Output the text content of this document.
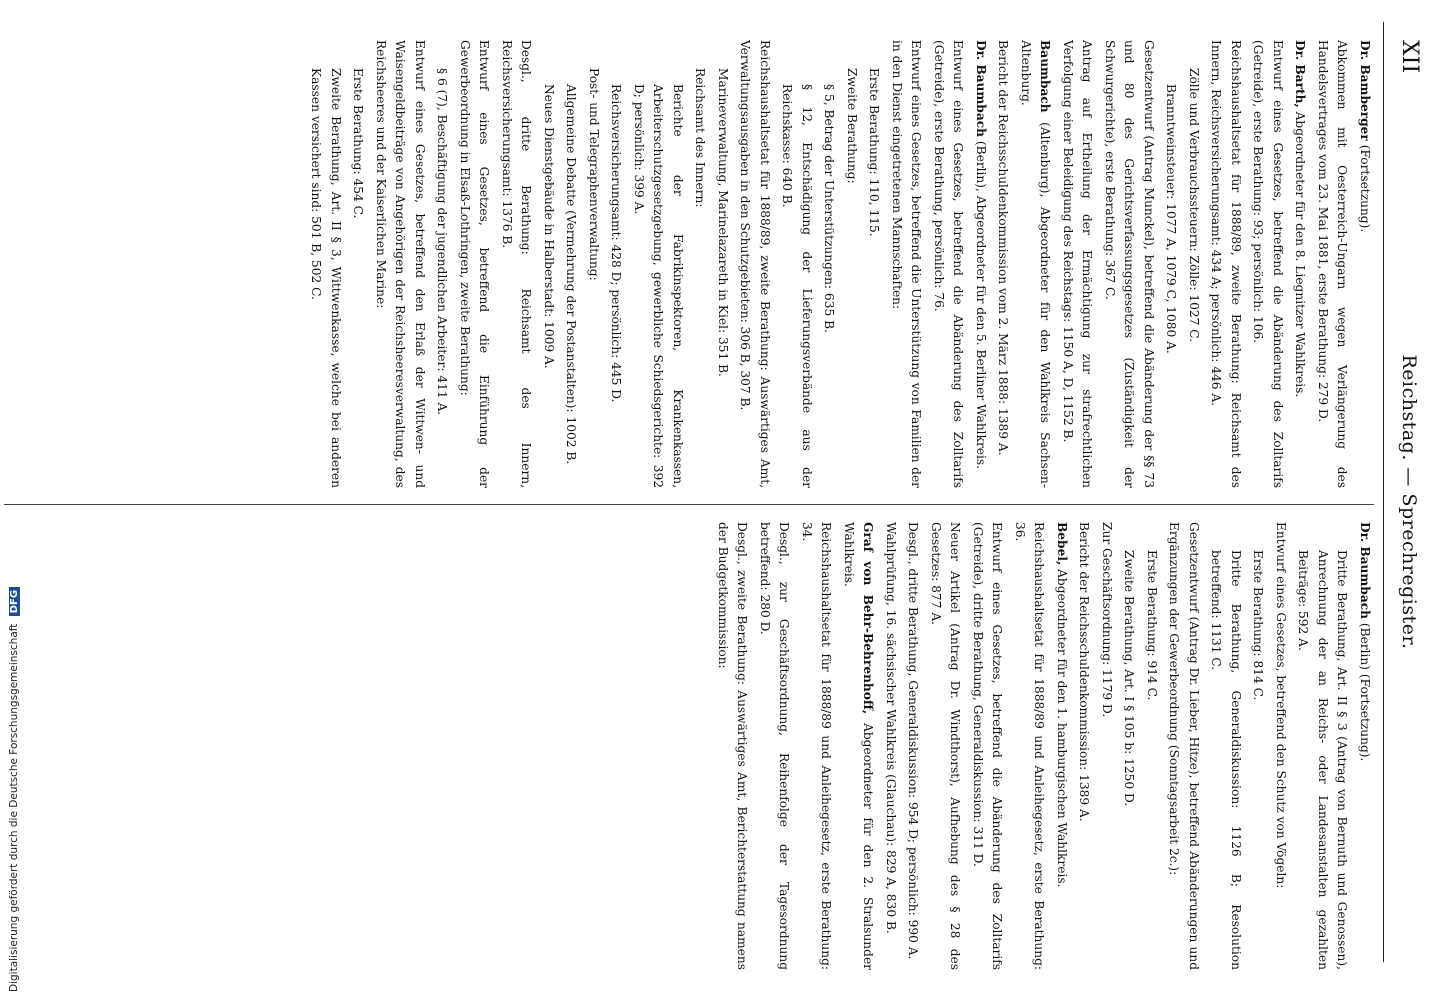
XII
Reichstag. — Sprechregister.
Dr. Bamberger (Fortsetzung).
Abkommen mit Oesterreich-Ungarn wegen Verlängerung des Handelsvertrages vom 23. Mai 1881, erste Berathung: 279 D.
Dr. Barth, Abgeordneter für den 8. Liegnitzer Wahlkreis.
Entwurf eines Gesetzes, betreffend die Abänderung des Zolltarifs (Getreide), erste Berathung: 93; persönlich: 106.
Reichshaushaltsetat für 1888/89, zweite Berathung: Reichsamt des Innern, Reichsversicherungsamt: 434 A; persönlich: 446 A.
Zölle und Verbrauchssteuern: Zölle: 1027 C.
Branntweinsteuer: 1077 A, 1079 C, 1080 A.
Gesetzentwurf (Antrag Munckel), betreffend die Abänderung der §§ 73 und 80 des Gerichtsverfassungsgesetzes (Zuständigkeit der Schwurgerichte), erste Berathung: 367 C.
Antrag auf Ertheilung der Ermächtigung zur strafrechtlichen Verfolgung einer Beleidigung des Reichstags: 1150 A, D, 1152 B.
Baumbach (Altenburg), Abgeordneter für den Wahlkreis Sachsen-Altenburg.
Bericht der Reichsschuldenkommission vom 2. März 1888: 1389 A.
Dr. Baumbach (Berlin), Abgeordneter für den 5. Berliner Wahlkreis.
Entwurf eines Gesetzes, betreffend die Abänderung des Zolltarifs (Getreide), erste Berathung, persönlich: 76.
Entwurf eines Gesetzes, betreffend die Unterstützung von Familien der in den Dienst eingetretenen Mannschaften:
Erste Berathung: 110, 115.
Zweite Berathung:
§ 5, Betrag der Unterstützungen: 635 B.
§ 12, Entschädigung der Lieferungsverbände aus der Reichskasse: 640 B.
Reichshaushaltsetat für 1888/89, zweite Berathung: Auswärtiges Amt, Verwaltungsausgaben in den Schutzgebieten: 306 B, 307 B.
Marineverwaltung, Marinelazareth in Kiel: 351 B.
Reichsamt des Innern:
Berichte der Fabrikinspektoren, Krankenkassen, Arbeiterschutzgesetzgebung, gewerbliche Schiedsgerichte: 392 D; persönlich: 399 A.
Reichsversicherungsamt: 428 D; persönlich: 445 D.
Post- und Telegraphenverwaltung:
Allgemeine Debatte (Vermehrung der Postanstalten): 1002 B.
Neues Dienstgebäude in Halberstadt: 1009 A.
Desgl., dritte Berathung: Reichsamt des Innern, Reichsversicherungsamt: 1376 B.
Entwurf eines Gesetzes, betreffend die Einführung der Gewerbeordnung in Elsaß-Lothringen, zweite Berathung:
§ 6 (7), Beschäftigung der jugendlichen Arbeiter: 411 A.
Entwurf eines Gesetzes, betreffend den Erlaß der Wittwen- und Waisengeldbeiträge von Angehörigen der Reichsheeresverwaltung, des Reichsheeres und der Kaiserlichen Marine:
Erste Berathung: 454 C.
Zweite Berathung, Art. II § 3, Wittwenkasse, welche bei anderen Kassen versichert sind: 501 B, 502 C.
Dr. Baumbach (Berlin) (Fortsetzung).
Dritte Berathung, Art. II § 3 (Antrag von Bernuth und Genossen), Anrechnung der an Reichs- oder Landesanstalten gezahlten Beiträge: 592 A.
Entwurf eines Gesetzes, betreffend den Schutz von Vögeln:
Erste Berathung: 814 C.
Dritte Berathung, Generaldiskussion: 1126 B; Resolution betreffend: 1131 C.
Gesetzentwurf (Antrag Dr. Lieber, Hitze), betreffend Abänderungen und Ergänzungen der Gewerbeordnung (Sonntagsarbeit 2c.):
Erste Berathung: 914 C.
Zweite Berathung, Art. I § 105 b: 1250 D.
Zur Geschäftsordnung: 1179 D.
Bericht der Reichsschuldenkommission: 1389 A.
Bebel, Abgeordneter für den 1. hamburgischen Wahlkreis.
Reichshaushaltsetat für 1888/89 und Anleihegesetz, erste Berathung: 36.
Entwurf eines Gesetzes, betreffend die Abänderung des Zolltarifs (Getreide), dritte Berathung, Generaldiskussion: 311 D.
Neuer Artikel (Antrag Dr. Windthorst), Aufhebung des § 28 des Gesetzes: 877 A.
Desgl., dritte Berathung, Generaldiskussion: 954 D; persönlich: 990 A.
Wahlprüfung, 16. sächsischer Wahlkreis (Glauchau): 829 A, 830 B.
Graf von Behr-Behrenhoff, Abgeordneter für den 2. Stralsunder Wahlkreis.
Reichshaushaltsetat für 1888/89 und Anleihegesetz, erste Berathung: 34.
Desgl., zur Geschäftsordnung, Reihenfolge der Tagesordnung betreffend: 280 D.
Desgl., zweite Berathung: Auswärtiges Amt, Berichterstattung namens der Budgetkommission:
Digitalisierung gefördert durch die Deutsche Forschungsgemeinschaft DFG
